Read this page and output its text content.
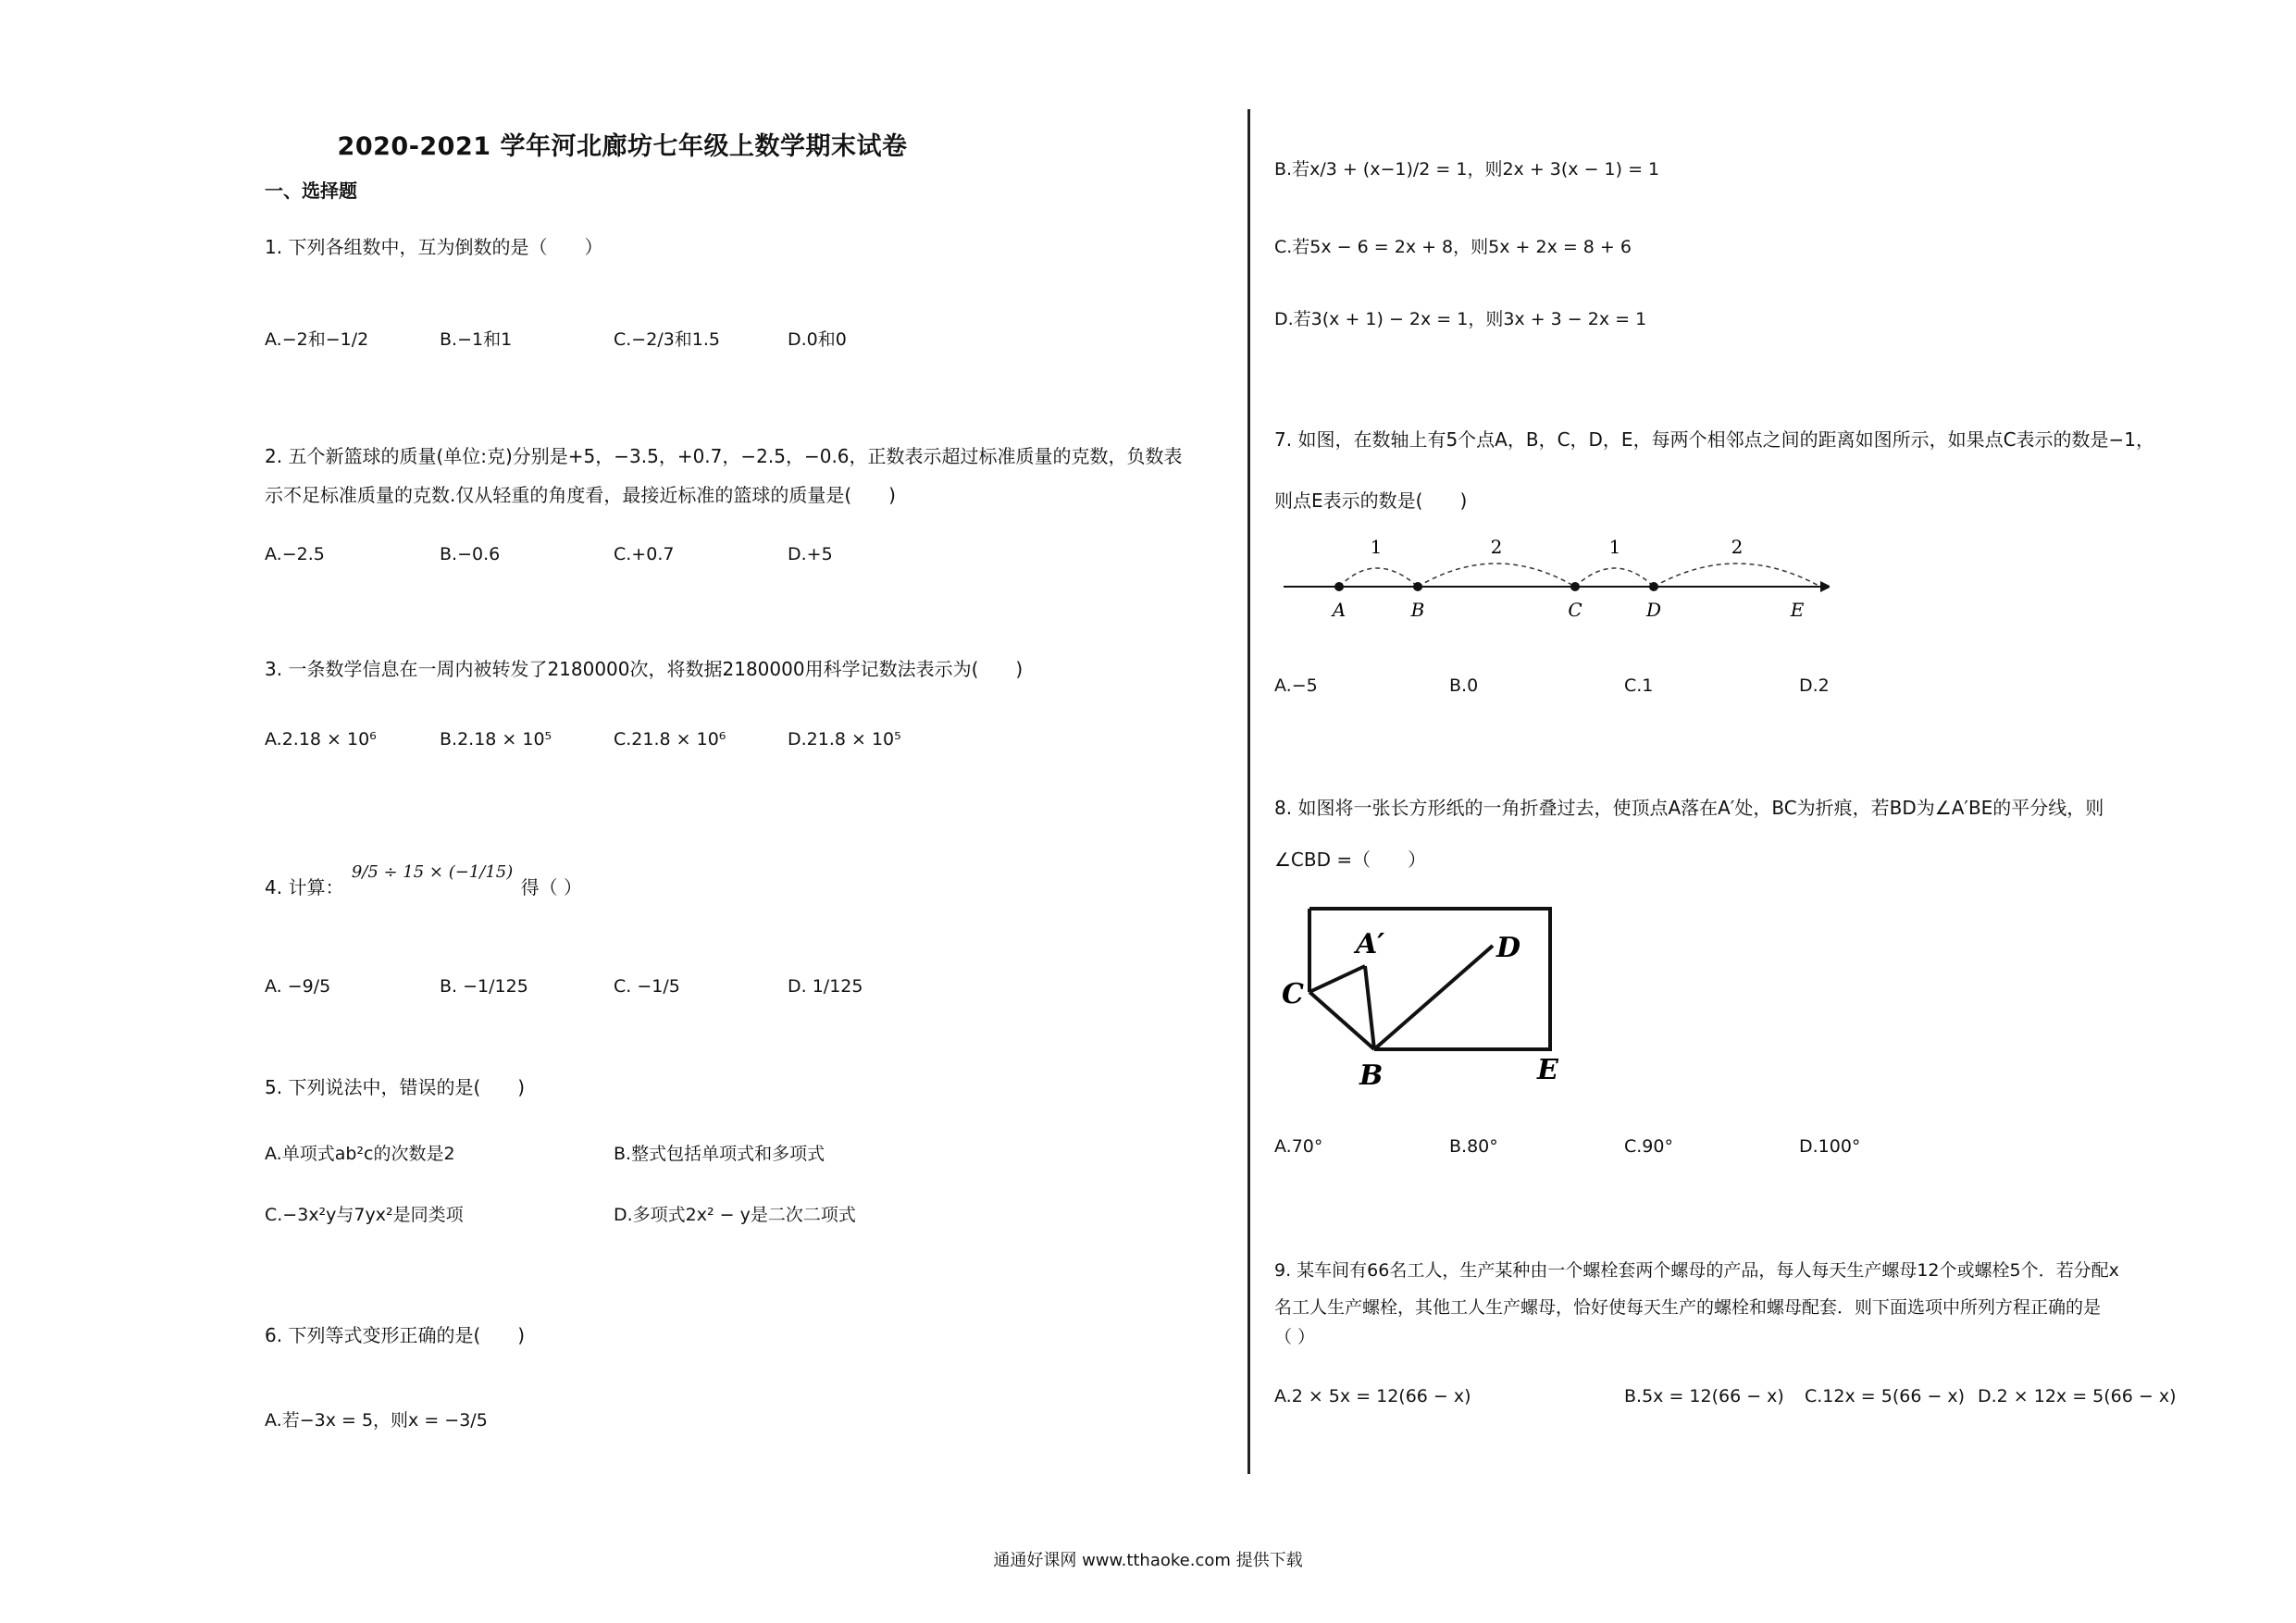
2020-2021 学年河北廊坊七年级上数学期末试卷
一、选择题
1. 下列各组数中，互为倒数的是（　　）
A.−2和−1/2	B.−1和1	C.−2/3和1.5	D.0和0
2. 五个新篮球的质量(单位:克)分别是+5，−3.5，+0.7，−2.5，−0.6，正数表示超过标准质量的克数，负数表
示不足标准质量的克数.仅从轻重的角度看，最接近标准的篮球的质量是(　　)
A.−2.5	B.−0.6	C.+0.7	D.+5
3. 一条数学信息在一周内被转发了2180000次，将数据2180000用科学记数法表示为(　　)
A.2.18 × 10⁶	B.2.18 × 10⁵	C.21.8 × 10⁶	D.21.8 × 10⁵
4. 计算： 9/5 ÷ 15 × (−1/15) 得（ ）
A. −9/5	B. −1/125	C. −1/5	D. 1/125
5. 下列说法中，错误的是(　　)
A.单项式ab²c的次数是2	B.整式包括单项式和多项式
C.−3x²y与7yx²是同类项	D.多项式2x² − y是二次二项式
6. 下列等式变形正确的是(　　)
A.若−3x = 5，则x = −3/5
B.若x/3 + (x−1)/2 = 1，则2x + 3(x − 1) = 1
C.若5x − 6 = 2x + 8，则5x + 2x = 8 + 6
D.若3(x + 1) − 2x = 1，则3x + 3 − 2x = 1
7. 如图，在数轴上有5个点A，B，C，D，E，每两个相邻点之间的距离如图所示，如果点C表示的数是−1，
则点E表示的数是(　　)
1	2	1	2
A	B	C	D	E
A.−5	B.0	C.1	D.2
8. 如图将一张长方形纸的一角折叠过去，使顶点A落在A′处，BC为折痕，若BD为∠A′BE的平分线，则
∠CBD =（　　）
A′
C
D
B	E
A.70°	B.80°	C.90°	D.100°
9. 某车间有66名工人，生产某种由一个螺栓套两个螺母的产品，每人每天生产螺母12个或螺栓5个．若分配x
名工人生产螺栓，其他工人生产螺母，恰好使每天生产的螺栓和螺母配套．则下面选项中所列方程正确的是
（ ）
A.2 × 5x = 12(66 − x)	B.5x = 12(66 − x) C.12x = 5(66 − x) D.2 × 12x = 5(66 − x)
通通好课网 www.tthaoke.com 提供下载
